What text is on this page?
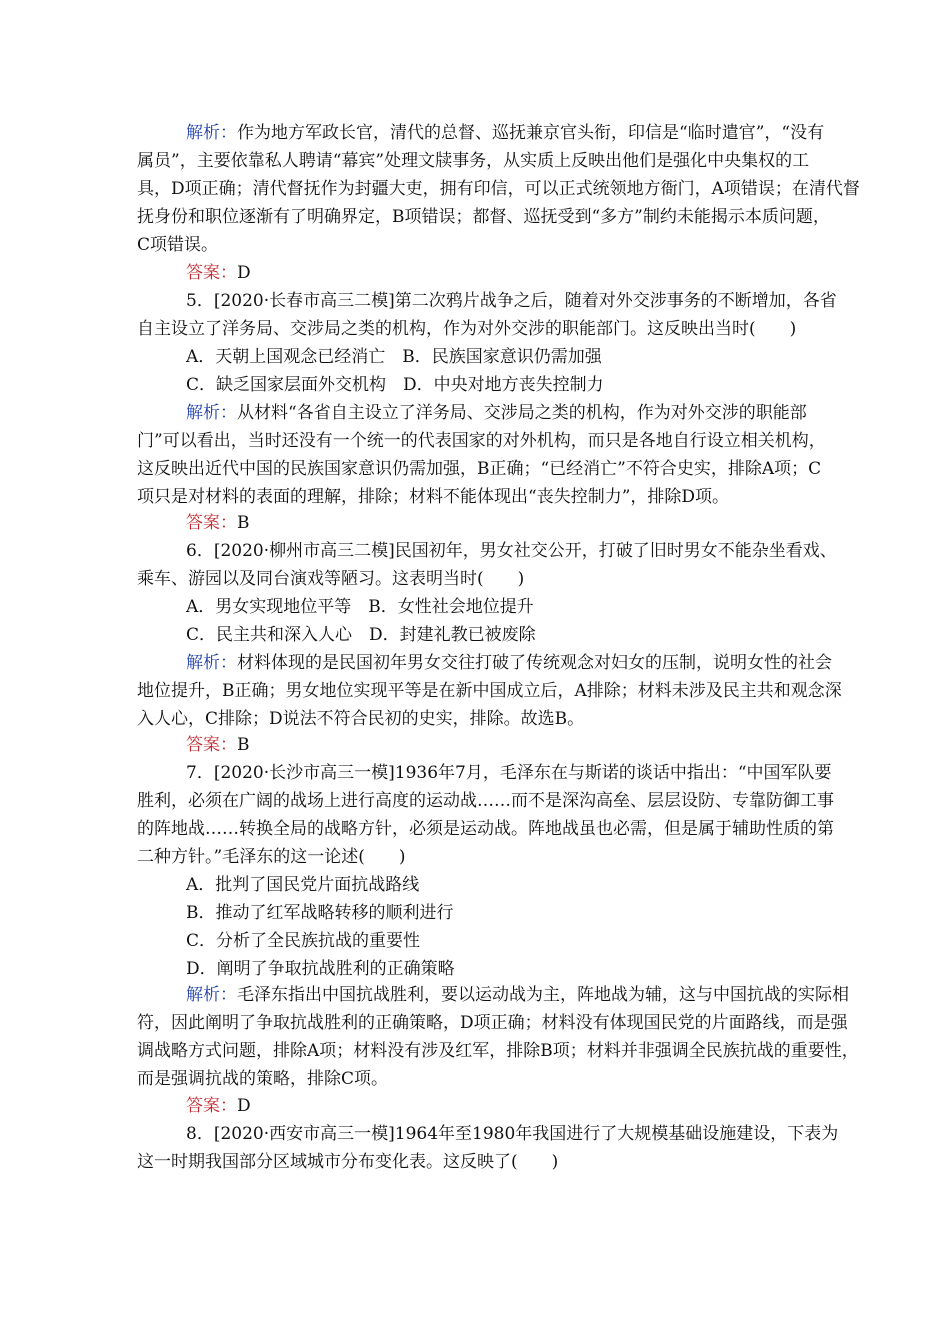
解析：作为地方军政长官，清代的总督、巡抚兼京官头衔，印信是“临时遣官”，“没有
属员”，主要依靠私人聘请“幕宾”处理文牍事务，从实质上反映出他们是强化中央集权的工
具，D项正确；清代督抚作为封疆大吏，拥有印信，可以正式统领地方衙门，A项错误；在清代督
抚身份和职位逐渐有了明确界定，B项错误；都督、巡抚受到“多方”制约未能揭示本质问题，
C项错误。
答案：D
5．[2020·长春市高三二模]第二次鸦片战争之后，随着对外交涉事务的不断增加，各省
自主设立了洋务局、交涉局之类的机构，作为对外交涉的职能部门。这反映出当时(　　)
A．天朝上国观念已经消亡　B．民族国家意识仍需加强
C．缺乏国家层面外交机构　D．中央对地方丧失控制力
解析：从材料“各省自主设立了洋务局、交涉局之类的机构，作为对外交涉的职能部
门”可以看出，当时还没有一个统一的代表国家的对外机构，而只是各地自行设立相关机构，
这反映出近代中国的民族国家意识仍需加强，B正确；“已经消亡”不符合史实，排除A项；C
项只是对材料的表面的理解，排除；材料不能体现出“丧失控制力”，排除D项。
答案：B
6．[2020·柳州市高三二模]民国初年，男女社交公开，打破了旧时男女不能杂坐看戏、
乘车、游园以及同台演戏等陋习。这表明当时(　　)
A．男女实现地位平等　B．女性社会地位提升
C．民主共和深入人心　D．封建礼教已被废除
解析：材料体现的是民国初年男女交往打破了传统观念对妇女的压制，说明女性的社会
地位提升，B正确；男女地位实现平等是在新中国成立后，A排除；材料未涉及民主共和观念深
入人心，C排除；D说法不符合民初的史实，排除。故选B。
答案：B
7．[2020·长沙市高三一模]1936年7月，毛泽东在与斯诺的谈话中指出：“中国军队要
胜利，必须在广阔的战场上进行高度的运动战……而不是深沟高垒、层层设防、专靠防御工事
的阵地战……转换全局的战略方针，必须是运动战。阵地战虽也必需，但是属于辅助性质的第
二种方针。”毛泽东的这一论述(　　)
A．批判了国民党片面抗战路线
B．推动了红军战略转移的顺利进行
C．分析了全民族抗战的重要性
D．阐明了争取抗战胜利的正确策略
解析：毛泽东指出中国抗战胜利，要以运动战为主，阵地战为辅，这与中国抗战的实际相
符，因此阐明了争取抗战胜利的正确策略，D项正确；材料没有体现国民党的片面路线，而是强
调战略方式问题，排除A项；材料没有涉及红军，排除B项；材料并非强调全民族抗战的重要性，
而是强调抗战的策略，排除C项。
答案：D
8．[2020·西安市高三一模]1964年至1980年我国进行了大规模基础设施建设，下表为
这一时期我国部分区域城市分布变化表。这反映了(　　)
